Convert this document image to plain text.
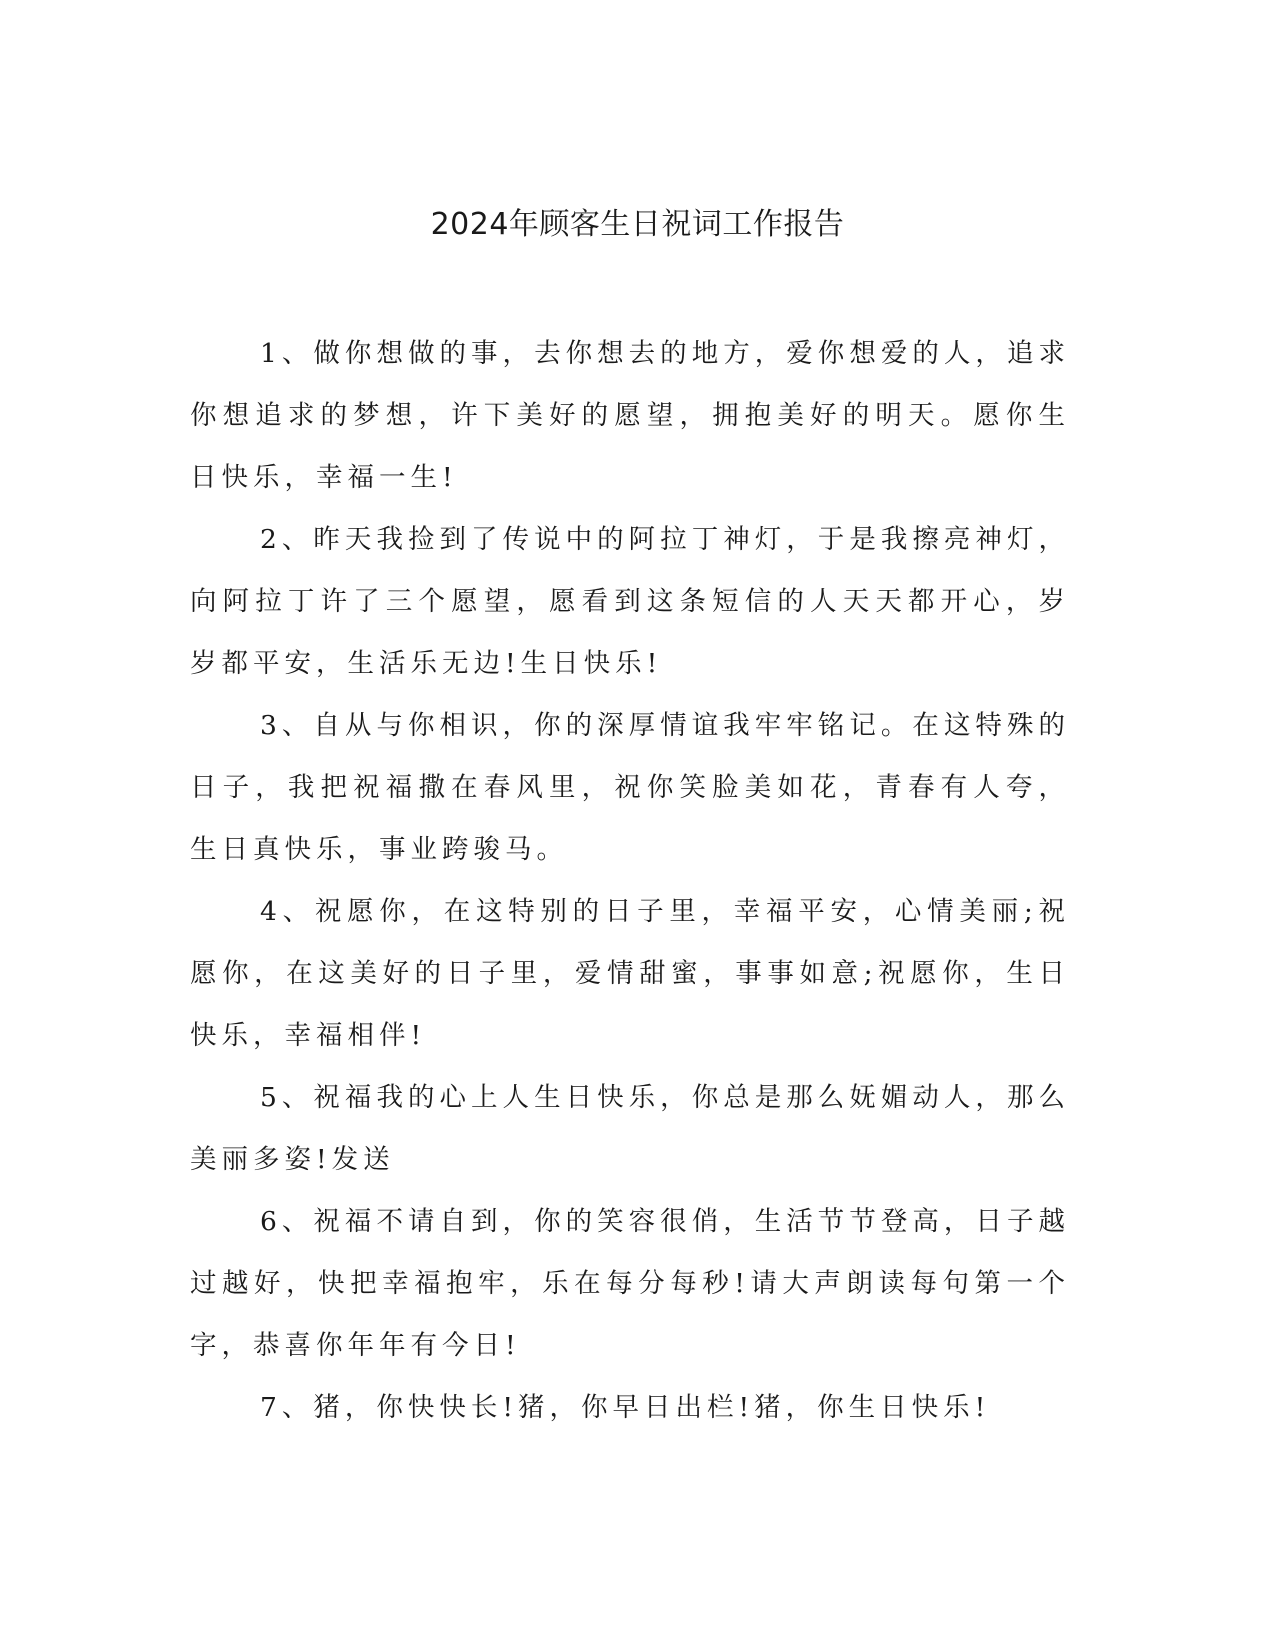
2024年顾客生日祝词工作报告

1、做你想做的事，去你想去的地方，爱你想爱的人，追求你想追求的梦想，许下美好的愿望，拥抱美好的明天。愿你生日快乐，幸福一生!

2、昨天我捡到了传说中的阿拉丁神灯，于是我擦亮神灯，向阿拉丁许了三个愿望，愿看到这条短信的人天天都开心，岁岁都平安，生活乐无边!生日快乐!

3、自从与你相识，你的深厚情谊我牢牢铭记。在这特殊的日子，我把祝福撒在春风里，祝你笑脸美如花，青春有人夸，生日真快乐，事业跨骏马。

4、祝愿你，在这特别的日子里，幸福平安，心情美丽;祝愿你，在这美好的日子里，爱情甜蜜，事事如意;祝愿你，生日快乐，幸福相伴!

5、祝福我的心上人生日快乐，你总是那么妩媚动人，那么美丽多姿!发送

6、祝福不请自到，你的笑容很俏，生活节节登高，日子越过越好，快把幸福抱牢，乐在每分每秒!请大声朗读每句第一个字，恭喜你年年有今日!

7、猪，你快快长!猪，你早日出栏!猪，你生日快乐!
